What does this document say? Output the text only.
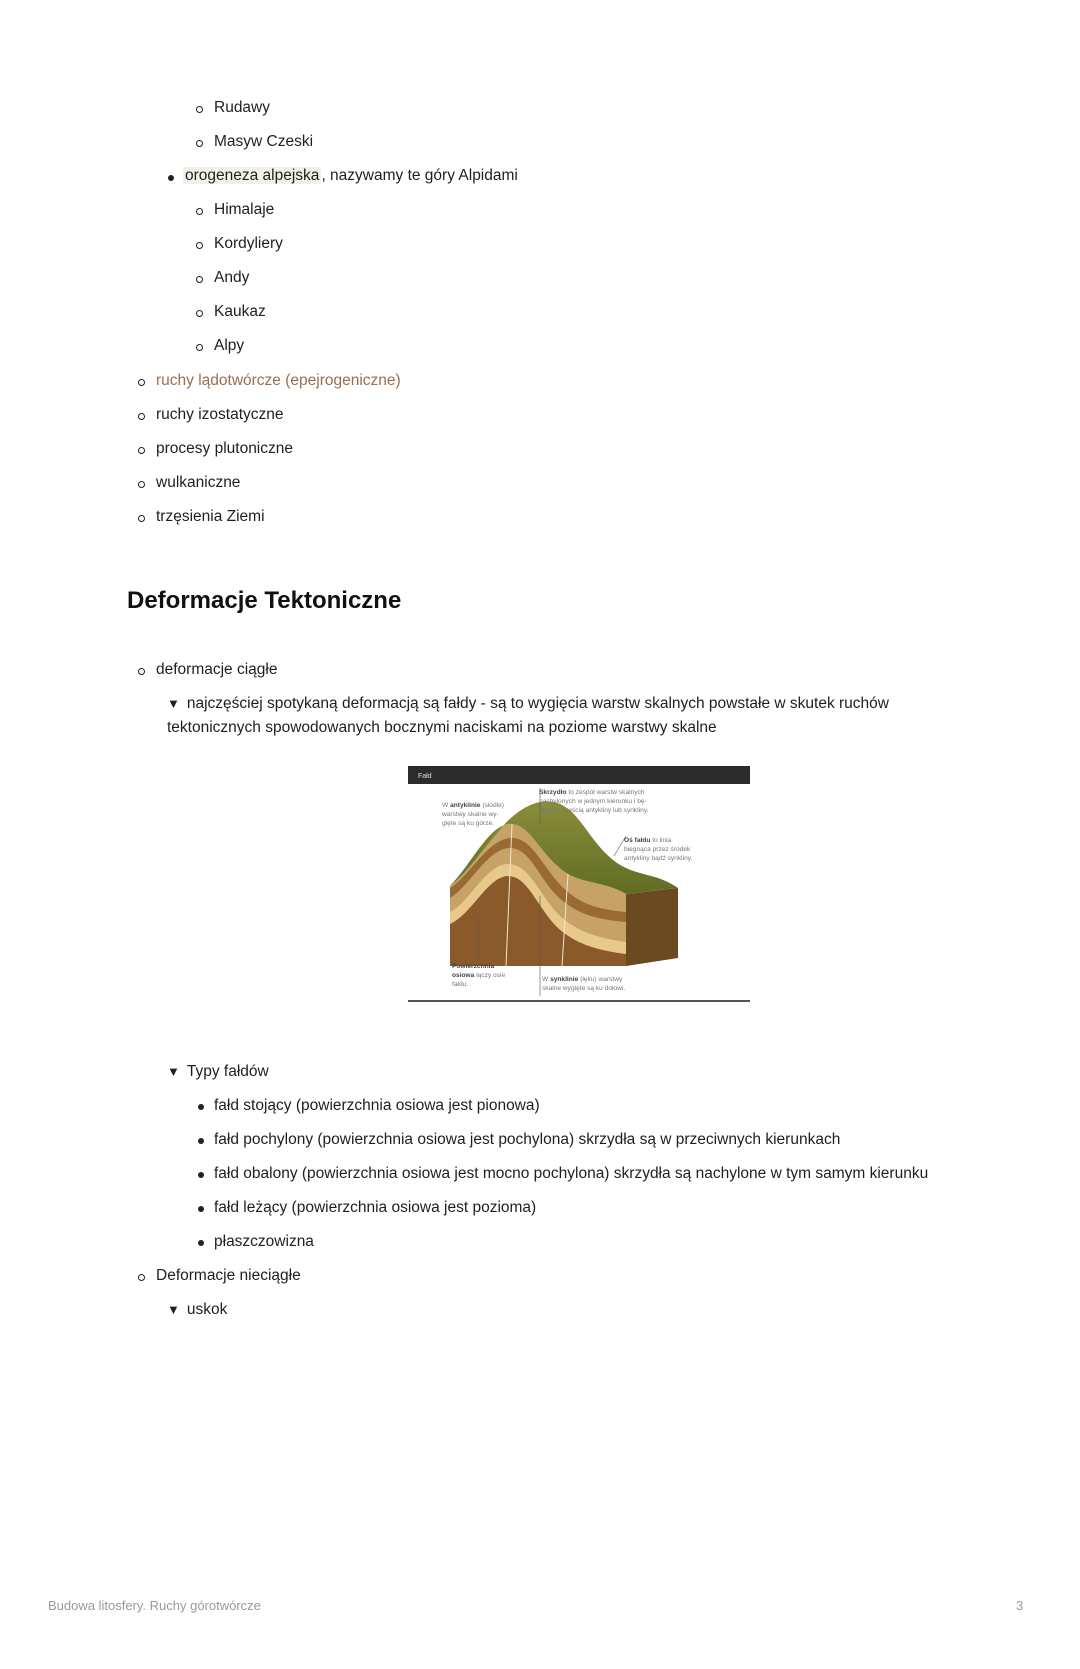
Rudawy
Masyw Czeski
orogeneza alpejska , nazywamy te góry Alpidami
Himalaje
Kordyliery
Andy
Kaukaz
Alpy
ruchy lądotwórcze (epejrogeniczne)
ruchy izostatyczne
procesy plutoniczne
wulkaniczne
trzęsienia Ziemi
Deformacje Tektoniczne
deformacje ciągłe
▼ najczęściej spotykaną deformacją są fałdy - są to wygięcia warstw skalnych powstałe w skutek ruchów
tektonicznych spowodowanych bocznymi naciskami na poziome warstwy skalne
Fałd
W antyklinie (siodle)
warstwy skalne wy-
gięte są ku górze.
Skrzydło to zespół warstw skalnych
nachylonych w jednym kierunku i bę-
dących częścią antykliny lub synkliny.
Oś fałdu to linia
biegnąca przez środek
antykliny bądź synkliny.
Powierzchnia
osiowa łączy osie
fałdu.
W synklinie (łęku) warstwy
skalne wygięte są ku dołowi.
▼ Typy fałdów
fałd stojący (powierzchnia osiowa jest pionowa)
fałd pochylony (powierzchnia osiowa jest pochylona) skrzydła są w przeciwnych kierunkach
fałd obalony (powierzchnia osiowa jest mocno pochylona) skrzydła są nachylone w tym samym kierunku
fałd leżący (powierzchnia osiowa jest pozioma)
płaszczowizna
Deformacje nieciągłe
▼ uskok
Budowa litosfery. Ruchy górotwórcze	3
